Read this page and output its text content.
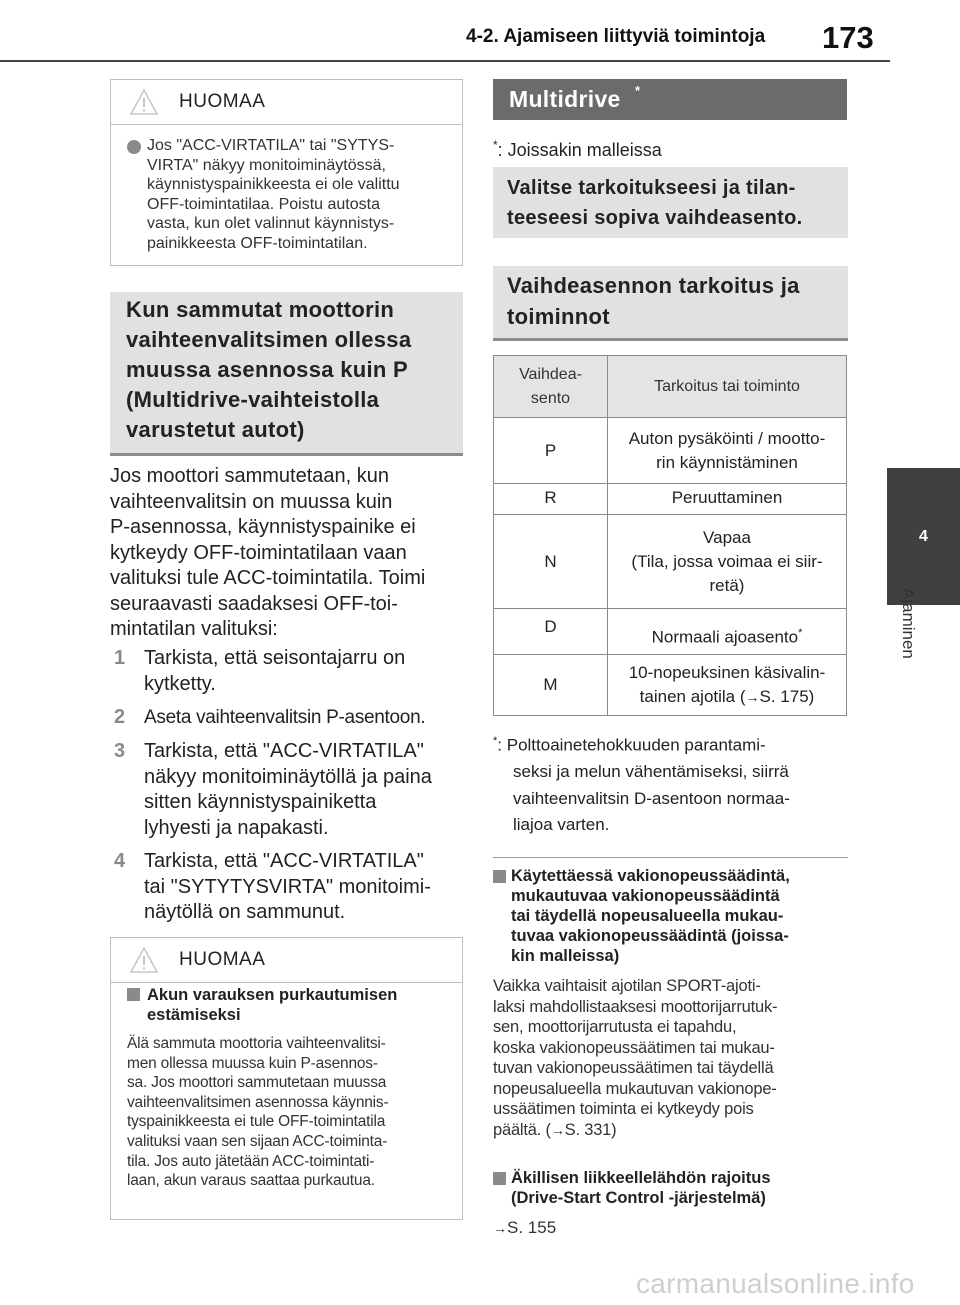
4-2. Ajamiseen liittyviä toimintoja 173
4
Ajaminen
HUOMAA
Jos "ACC-VIRTATILA" tai "SYTYS-
VIRTA" näkyy monitoiminäytössä,
käynnistyspainikkeesta ei ole valittu
OFF-toimintatilaa. Poistu autosta
vasta, kun olet valinnut käynnistys-
painikkeesta OFF-toimintatilan.
Kun sammutat moottorin
vaihteenvalitsimen ollessa
muussa asennossa kuin P
(Multidrive-vaihteistolla
varustetut autot)
Jos moottori sammutetaan, kun
vaihteenvalitsin on muussa kuin
P-asennossa, käynnistyspainike ei
kytkeydy OFF-toimintatilaan vaan
valituksi tule ACC-toimintatila. Toimi
seuraavasti saadaksesi OFF-toi-
mintatilan valituksi:
1 Tarkista, että seisontajarru on
kytketty.
2 Aseta vaihteenvalitsin P-asentoon.
3 Tarkista, että "ACC-VIRTATILA"
näkyy monitoiminäytöllä ja paina
sitten käynnistyspainiketta
lyhyesti ja napakasti.
4 Tarkista, että "ACC-VIRTATILA"
tai "SYTYTYSVIRTA" monitoimi-
näytöllä on sammunut.
HUOMAA
Akun varauksen purkautumisen
estämiseksi
Älä sammuta moottoria vaihteenvalitsi-
men ollessa muussa kuin P-asennos-
sa. Jos moottori sammutetaan muussa
vaihteenvalitsimen asennossa käynnis-
tyspainikkeesta ei tule OFF-toimintatila
valituksi vaan sen sijaan ACC-toiminta-
tila. Jos auto jätetään ACC-toimintati-
laan, akun varaus saattaa purkautua.
Multidrive *
*: Joissakin malleissa
Valitse tarkoitukseesi ja tilan-
teeseesi sopiva vaihdeasento.
Vaihdeasennon tarkoitus ja
toiminnot
Vaihdea-
sento	Tarkoitus tai toiminto
P	Auton pysäköinti / mootto-
rin käynnistäminen

R	Peruuttaminen

N	Vapaa
(Tila, jossa voimaa ei siir-
retä)

D	Normaali ajoasento*
M	10-nopeuksinen käsivalin-
tainen ajotila (→S. 175)
*: Polttoainetehokkuuden parantami-
seksi ja melun vähentämiseksi, siirrä
vaihteenvalitsin D-asentoon normaa-
liajoa varten.
Käytettäessä vakionopeussäädintä,
mukautuvaa vakionopeussäädintä
tai täydellä nopeusalueella mukau-
tuvaa vakionopeussäädintä (joissa-
kin malleissa)
Vaikka vaihtaisit ajotilan SPORT-ajoti-
laksi mahdollistaaksesi moottorijarrutuk-
sen, moottorijarrutusta ei tapahdu,
koska vakionopeussäätimen tai mukau-
tuvan vakionopeussäätimen tai täydellä
nopeusalueella mukautuvan vakionope-
ussäätimen toiminta ei kytkeydy pois
päältä. (→S. 331)
Äkillisen liikkeellelähdön rajoitus
(Drive-Start Control -järjestelmä)
→S. 155
carmanualsonline.info
